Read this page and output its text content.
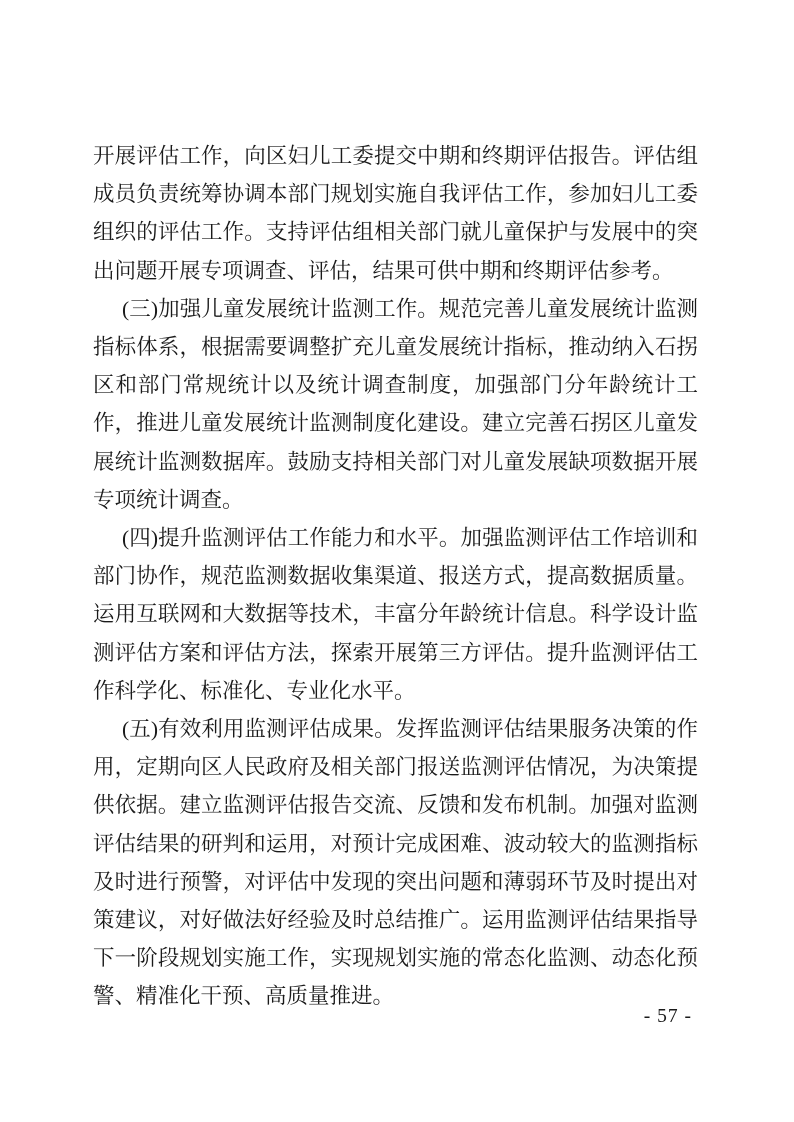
开展评估工作，向区妇儿工委提交中期和终期评估报告。评估组成员负责统筹协调本部门规划实施自我评估工作，参加妇儿工委组织的评估工作。支持评估组相关部门就儿童保护与发展中的突出问题开展专项调查、评估，结果可供中期和终期评估参考。

(三)加强儿童发展统计监测工作。规范完善儿童发展统计监测指标体系，根据需要调整扩充儿童发展统计指标，推动纳入石拐区和部门常规统计以及统计调查制度，加强部门分年龄统计工作，推进儿童发展统计监测制度化建设。建立完善石拐区儿童发展统计监测数据库。鼓励支持相关部门对儿童发展缺项数据开展专项统计调查。

(四)提升监测评估工作能力和水平。加强监测评估工作培训和部门协作，规范监测数据收集渠道、报送方式，提高数据质量。运用互联网和大数据等技术，丰富分年龄统计信息。科学设计监测评估方案和评估方法，探索开展第三方评估。提升监测评估工作科学化、标准化、专业化水平。

(五)有效利用监测评估成果。发挥监测评估结果服务决策的作用，定期向区人民政府及相关部门报送监测评估情况，为决策提供依据。建立监测评估报告交流、反馈和发布机制。加强对监测评估结果的研判和运用，对预计完成困难、波动较大的监测指标及时进行预警，对评估中发现的突出问题和薄弱环节及时提出对策建议，对好做法好经验及时总结推广。运用监测评估结果指导下一阶段规划实施工作，实现规划实施的常态化监测、动态化预警、精准化干预、高质量推进。

- 57 -
